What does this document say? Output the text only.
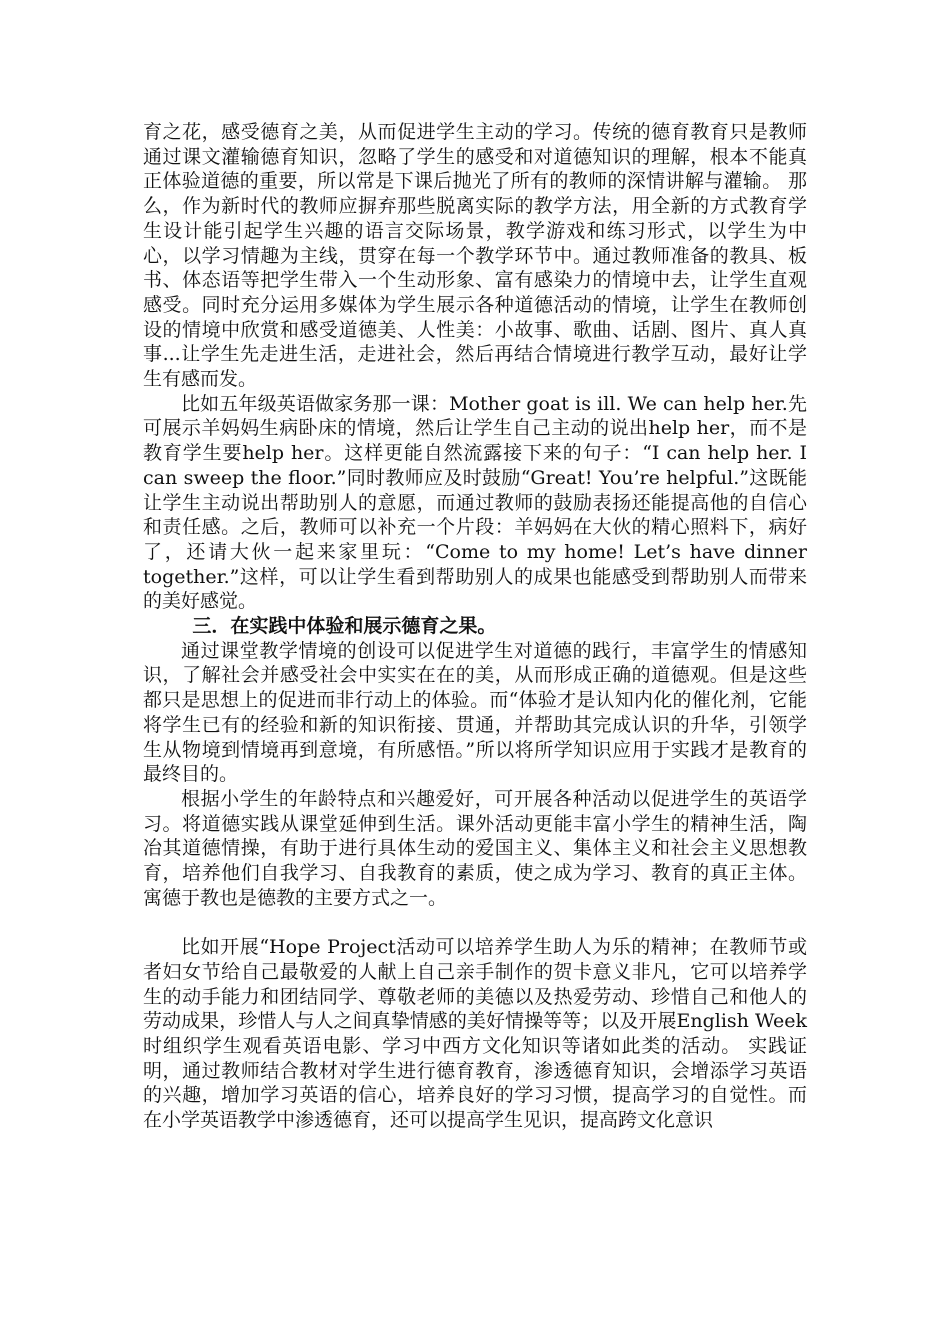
育之花，感受德育之美，从而促进学生主动的学习。传统的德育教育只是教师通过课文灌输德育知识，忽略了学生的感受和对道德知识的理解，根本不能真正体验道德的重要，所以常是下课后抛光了所有的教师的深情讲解与灌输。 那么，作为新时代的教师应摒弃那些脱离实际的教学方法，用全新的方式教育学生设计能引起学生兴趣的语言交际场景，教学游戏和练习形式，以学生为中心，以学习情趣为主线，贯穿在每一个教学环节中。通过教师准备的教具、板书、体态语等把学生带入一个生动形象、富有感染力的情境中去，让学生直观感受。同时充分运用多媒体为学生展示各种道德活动的情境，让学生在教师创设的情境中欣赏和感受道德美、人性美：小故事、歌曲、话剧、图片、真人真事...让学生先走进生活，走进社会，然后再结合情境进行教学互动，最好让学生有感而发。

比如五年级英语做家务那一课：Mother goat is ill. We can help her.先可展示羊妈妈生病卧床的情境，然后让学生自己主动的说出help her，而不是教育学生要help her。这样更能自然流露接下来的句子：“I can help her. I can sweep the floor.”同时教师应及时鼓励“Great! You’re helpful.”这既能让学生主动说出帮助别人的意愿，而通过教师的鼓励表扬还能提高他的自信心和责任感。之后，教师可以补充一个片段：羊妈妈在大伙的精心照料下，病好了，还请大伙一起来家里玩：“Come to my home! Let’s have dinner together.”这样，可以让学生看到帮助别人的成果也能感受到帮助别人而带来的美好感觉。

三．在实践中体验和展示德育之果。

通过课堂教学情境的创设可以促进学生对道德的践行，丰富学生的情感知识，了解社会并感受社会中实实在在的美，从而形成正确的道德观。但是这些都只是思想上的促进而非行动上的体验。而“体验才是认知内化的催化剂，它能将学生已有的经验和新的知识衔接、贯通，并帮助其完成认识的升华，引领学生从物境到情境再到意境，有所感悟。”所以将所学知识应用于实践才是教育的最终目的。

根据小学生的年龄特点和兴趣爱好，可开展各种活动以促进学生的英语学习。将道德实践从课堂延伸到生活。课外活动更能丰富小学生的精神生活，陶冶其道德情操，有助于进行具体生动的爱国主义、集体主义和社会主义思想教育，培养他们自我学习、自我教育的素质，使之成为学习、教育的真正主体。寓德于教也是德教的主要方式之一。

比如开展“Hope Project活动可以培养学生助人为乐的精神；在教师节或者妇女节给自己最敬爱的人献上自己亲手制作的贺卡意义非凡，它可以培养学生的动手能力和团结同学、尊敬老师的美德以及热爱劳动、珍惜自己和他人的劳动成果，珍惜人与人之间真挚情感的美好情操等等；以及开展English Week时组织学生观看英语电影、学习中西方文化知识等诸如此类的活动。 实践证明，通过教师结合教材对学生进行德育教育，渗透德育知识，会增添学习英语的兴趣，增加学习英语的信心，培养良好的学习习惯，提高学习的自觉性。而在小学英语教学中渗透德育，还可以提高学生见识，提高跨文化意识
